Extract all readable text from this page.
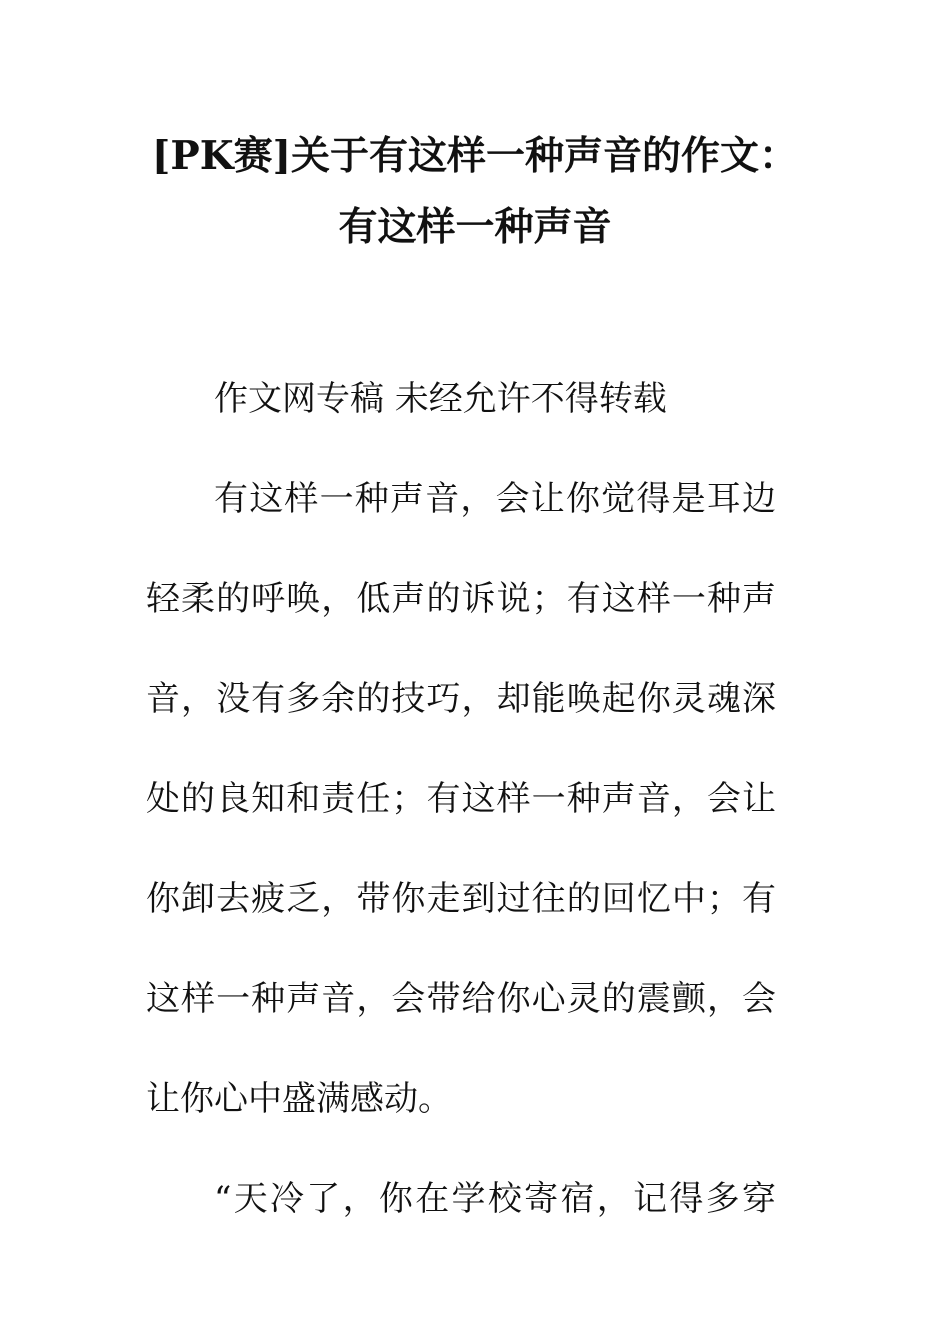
[PK赛]关于有这样一种声音的作文：
有这样一种声音
作文网专稿 未经允许不得转载
有这样一种声音，会让你觉得是耳边
轻柔的呼唤，低声的诉说；有这样一种声
音，没有多余的技巧，却能唤起你灵魂深
处的良知和责任；有这样一种声音，会让
你卸去疲乏，带你走到过往的回忆中；有
这样一种声音，会带给你心灵的震颤，会
让你心中盛满感动。
“天冷了，你在学校寄宿，记得多穿
